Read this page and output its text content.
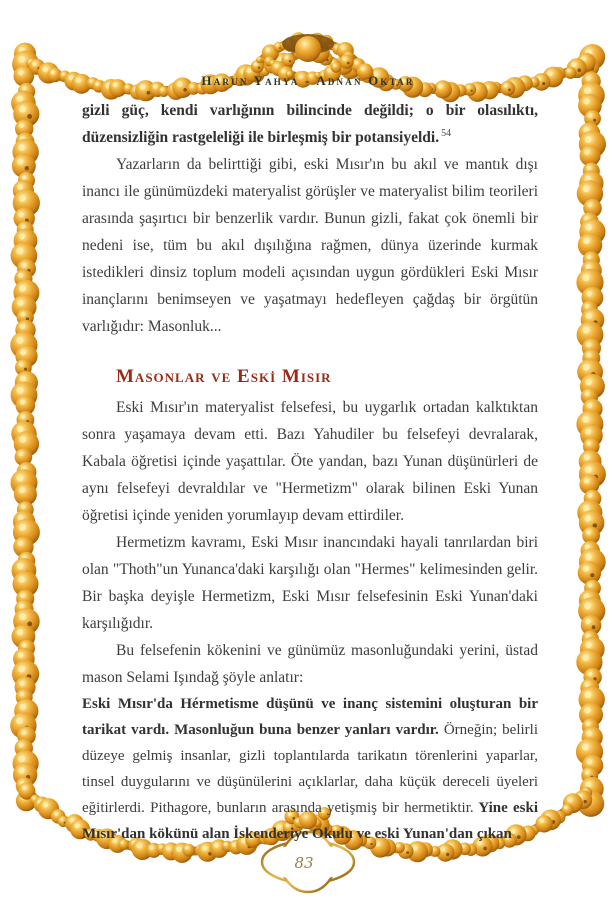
83
Harun Yahya - Adnan Oktar

gizli güç, kendi varlığının bilincinde değildi; o bir olasılıktı, düzensizliğin rastgeleliği ile birleşmiş bir potansiyeldi. $^{54}$

Yazarların da belirttiği gibi, eski Mısır'ın bu akıl ve mantık dışı inancı ile günümüzdeki materyalist görüşler ve materyalist bilim teorileri arasında şaşırtıcı bir benzerlik vardır. Bunun gizli, fakat çok önemli bir nedeni ise, tüm bu akıl dışılığına rağmen, dünya üzerinde kurmak istedikleri dinsiz toplum modeli açısından uygun gördükleri Eski Mısır inançlarını benimseyen ve yaşatmayı hedefleyen çağdaş bir örgütün varlığıdır: Masonluk...

Masonlar ve Eski Mısır

Eski Mısır'ın materyalist felsefesi, bu uygarlık ortadan kalktıktan sonra yaşamaya devam etti. Bazı Yahudiler bu felsefeyi devralarak, Kabala öğretisi içinde yaşattılar. Öte yandan, bazı Yunan düşünürleri de aynı felsefeyi devraldılar ve "Hermetizm" olarak bilinen Eski Yunan öğretisi içinde yeniden yorumlayıp devam ettirdiler.

Hermetizm kavramı, Eski Mısır inancındaki hayali tanrılardan biri olan "Thoth"un Yunanca'daki karşılığı olan "Hermes" kelimesinden gelir. Bir başka deyişle Hermetizm, Eski Mısır felsefesinin Eski Yunan'daki karşılığıdır.

Bu felsefenin kökenini ve günümüz masonluğundaki yerini, üstad mason Selami Işındağ şöyle anlatır:

Eski Mısır'da Hérmetisme düşünü ve inanç sistemini oluşturan bir tarikat vardı. Masonluğun buna benzer yanları vardır. Örneğin; belirli düzeye gelmiş insanlar, gizli toplantılarda tarikatın törenlerini yaparlar, tinsel duygularını ve düşünülerini açıklarlar, daha küçük dereceli üyeleri eğitirlerdi. Pithagore, bunların arasında yetişmiş bir hermetiktir. Yine eski Mısır'dan kökünü alan İskenderiye Okulu ve eski Yunan'dan çıkan
